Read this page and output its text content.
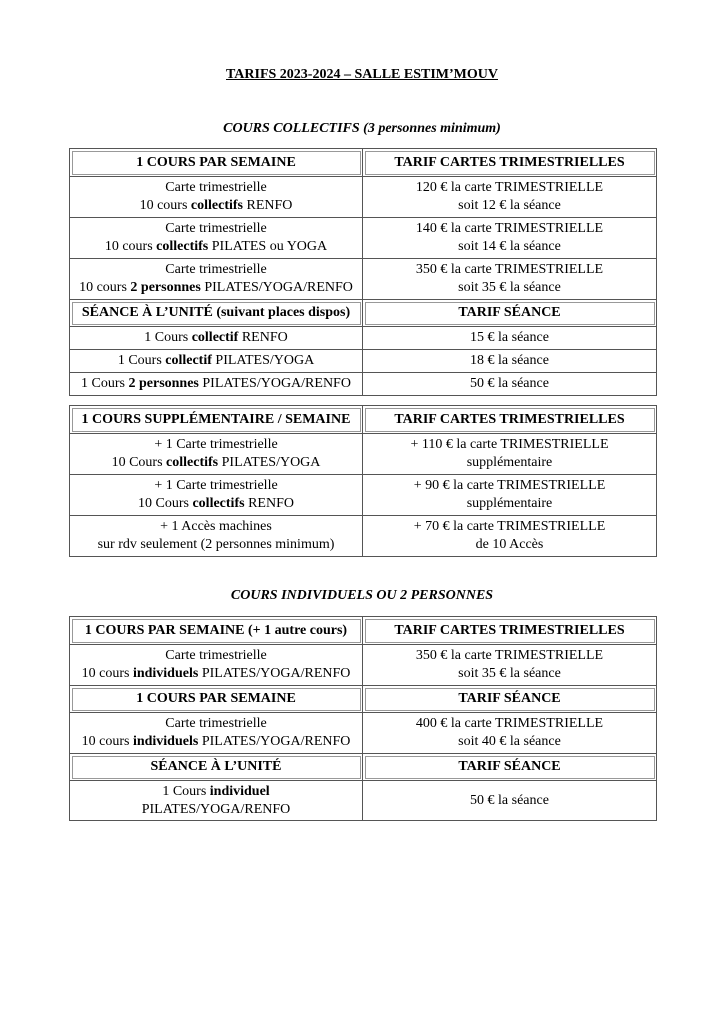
TARIFS 2023-2024 – SALLE ESTIM’MOUV
COURS COLLECTIFS (3 personnes minimum)
1 COURS PAR SEMAINE	TARIF CARTES TRIMESTRIELLES
Carte trimestrielle
10 cours collectifs RENFO	120 € la carte TRIMESTRIELLE
soit 12 € la séance
Carte trimestrielle
10 cours collectifs PILATES ou YOGA	140 € la carte TRIMESTRIELLE
soit 14 € la séance
Carte trimestrielle
10 cours 2 personnes PILATES/YOGA/RENFO	350 € la carte TRIMESTRIELLE
soit 35 € la séance
SÉANCE À L’UNITÉ (suivant places dispos)	TARIF SÉANCE
1 Cours collectif RENFO	15 € la séance
1 Cours collectif PILATES/YOGA	18 € la séance
1 Cours 2 personnes PILATES/YOGA/RENFO	50 € la séance
1 COURS SUPPLÉMENTAIRE / SEMAINE	TARIF CARTES TRIMESTRIELLES
+ 1 Carte trimestrielle
10 Cours collectifs PILATES/YOGA	+ 110 € la carte TRIMESTRIELLE
supplémentaire
+ 1 Carte trimestrielle
10 Cours collectifs RENFO	+ 90 € la carte TRIMESTRIELLE
supplémentaire
+ 1 Accès machines
sur rdv seulement (2 personnes minimum)	+ 70 € la carte TRIMESTRIELLE
de 10 Accès
COURS INDIVIDUELS OU 2 PERSONNES
1 COURS PAR SEMAINE (+ 1 autre cours)	TARIF CARTES TRIMESTRIELLES
Carte trimestrielle
10 cours individuels PILATES/YOGA/RENFO	350 € la carte TRIMESTRIELLE
soit 35 € la séance
1 COURS PAR SEMAINE	TARIF SÉANCE
Carte trimestrielle
10 cours individuels PILATES/YOGA/RENFO	400 € la carte TRIMESTRIELLE
soit 40 € la séance
SÉANCE À L’UNITÉ	TARIF SÉANCE
1 Cours individuel
PILATES/YOGA/RENFO	50 € la séance
